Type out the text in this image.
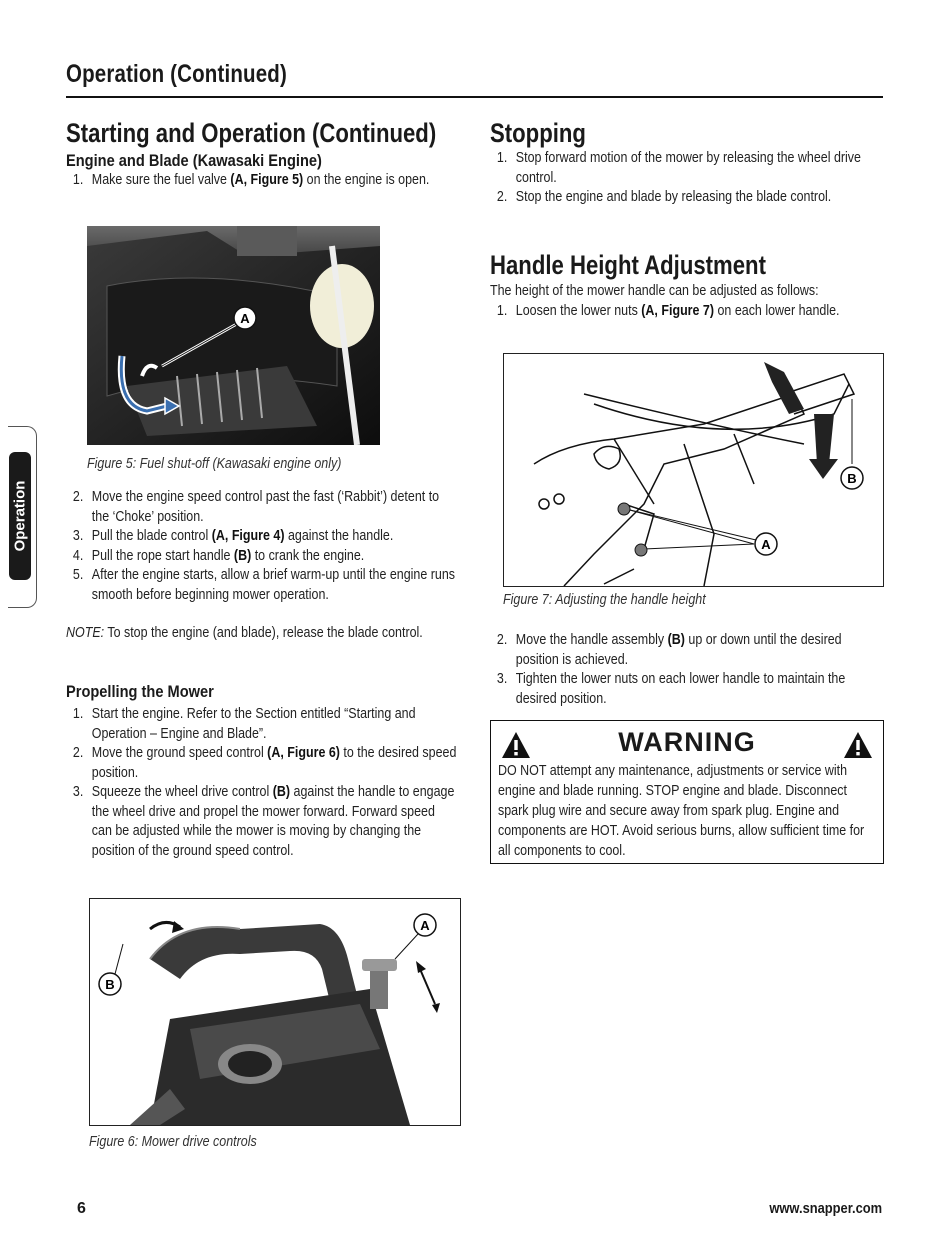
Operation (Continued)
Operation
Starting and Operation (Continued)
Engine and Blade (Kawasaki Engine)
1. Make sure the fuel valve (A, Figure 5) on the engine is open.
A
Figure 5: Fuel shut-off (Kawasaki engine only)
2. Move the engine speed control past the fast (‘Rabbit’) detent to the ‘Choke’ position.
3. Pull the blade control (A, Figure 4) against the handle.
4. Pull the rope start handle (B) to crank the engine.
5. After the engine starts, allow a brief warm-up until the engine runs smooth before beginning mower operation.
NOTE: To stop the engine (and blade), release the blade control.
Propelling the Mower
1. Start the engine. Refer to the Section entitled “Starting and Operation – Engine and Blade”.
2. Move the ground speed control (A, Figure 6) to the desired speed position.
3. Squeeze the wheel drive control (B) against the handle to engage the wheel drive and propel the mower forward. Forward speed can be adjusted while the mower is moving by changing the position of the ground speed control.
B
A
Figure 6: Mower drive controls
Stopping
1. Stop forward motion of the mower by releasing the wheel drive control.
2. Stop the engine and blade by releasing the blade control.
Handle Height Adjustment
The height of the mower handle can be adjusted as follows:
1. Loosen the lower nuts (A, Figure 7) on each lower handle.
A
B
Figure 7: Adjusting the handle height
2. Move the handle assembly (B) up or down until the desired position is achieved.
3. Tighten the lower nuts on each lower handle to maintain the desired position.
WARNING
DO NOT attempt any maintenance, adjustments or service with engine and blade running. STOP engine and blade. Disconnect spark plug wire and secure away from spark plug. Engine and components are HOT. Avoid serious burns, allow sufficient time for all components to cool.
6	www.snapper.com
